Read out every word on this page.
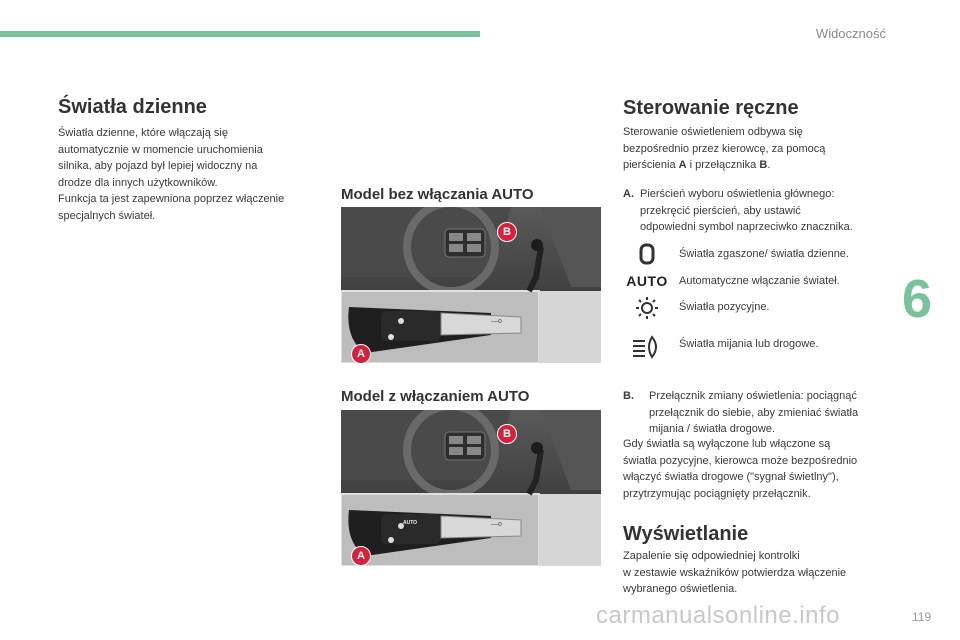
Widoczność
6
Światła dzienne
Światła dzienne, które włączają się
automatycznie w momencie uruchomienia
silnika, aby pojazd był lepiej widoczny na
drodze dla innych użytkowników.
Funkcja ta jest zapewniona poprzez włączenie
specjalnych świateł.
Model bez włączania AUTO
—o
B
A
Model z włączaniem AUTO
—o
AUTO
B
A
Sterowanie ręczne
Sterowanie oświetleniem odbywa się
bezpośrednio przez kierowcę, za pomocą
pierścienia A i przełącznika B.
A. Pierścień wyboru oświetlenia głównego:
przekręcić pierścień, aby ustawić
odpowiedni symbol naprzeciwko znacznika.
Światła zgaszone/ światła dzienne.
AUTO Automatyczne włączanie świateł.
Światła pozycyjne.
Światła mijania lub drogowe.
B. Przełącznik zmiany oświetlenia: pociągnąć
przełącznik do siebie, aby zmieniać światła
mijania / światła drogowe.
Gdy światła są wyłączone lub włączone są
światła pozycyjne, kierowca może bezpośrednio
włączyć światła drogowe ("sygnał świetlny"),
przytrzymując pociągnięty przełącznik.
Wyświetlanie
Zapalenie się odpowiedniej kontrolki
w zestawie wskaźników potwierdza włączenie
wybranego oświetlenia.
carmanualsonline.info	119
